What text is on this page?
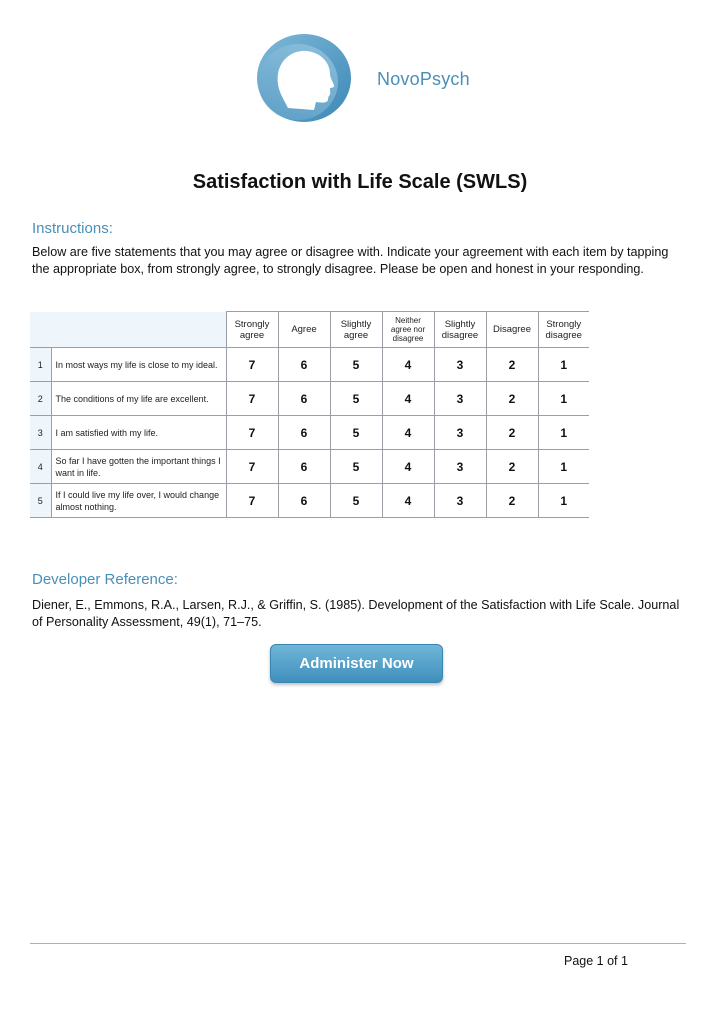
NovoPsych
Satisfaction with Life Scale (SWLS)
Instructions:

Below are five statements that you may agree or disagree with. Indicate your agreement with each item by tapping the appropriate box, from strongly agree, to strongly disagree. Please be open and honest in your responding.

		Strongly agree	Agree	Slightly agree	Neither agree nor disagree	Slightly disagree	Disagree	Strongly disagree
1	In most ways my life is close to my ideal.	7	6	5	4	3	2	1
2	The conditions of my life are excellent.	7	6	5	4	3	2	1
3	I am satisfied with my life.	7	6	5	4	3	2	1
4	So far I have gotten the important things I want in life.	7	6	5	4	3	2	1
5	If I could live my life over, I would change almost nothing.	7	6	5	4	3	2	1
Developer Reference:

Diener, E., Emmons, R.A., Larsen, R.J., & Griffin, S. (1985). Development of the Satisfaction with Life Scale. Journal of Personality Assessment, 49(1), 71–75.

Administer Now
Page 1 of 1
